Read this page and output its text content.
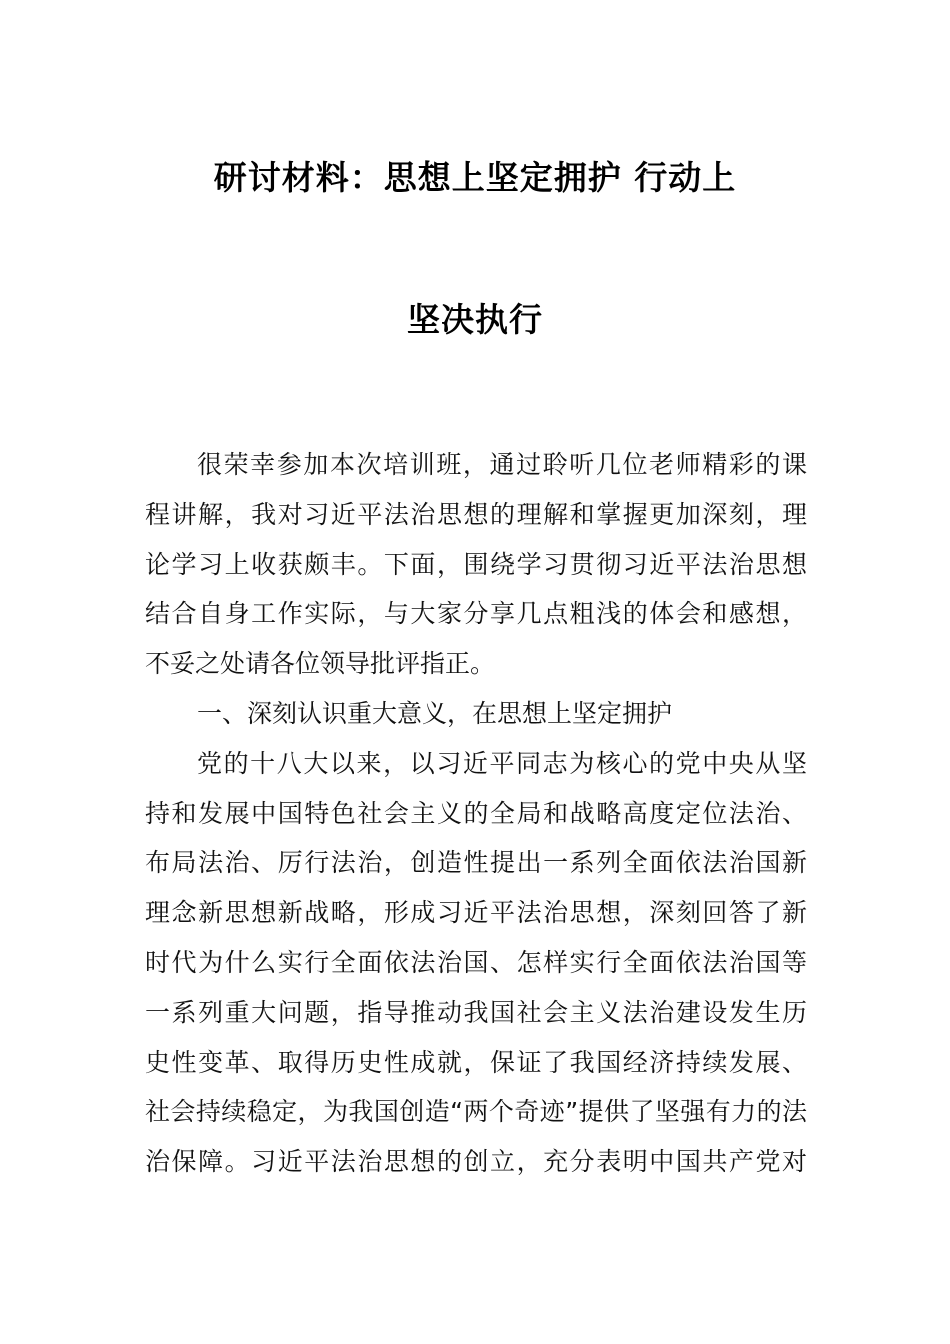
研讨材料：思想上坚定拥护 行动上
坚决执行
很荣幸参加本次培训班，通过聆听几位老师精彩的课
程讲解，我对习近平法治思想的理解和掌握更加深刻，理
论学习上收获颇丰。下面，围绕学习贯彻习近平法治思想
结合自身工作实际，与大家分享几点粗浅的体会和感想，
不妥之处请各位领导批评指正。
一、深刻认识重大意义，在思想上坚定拥护
党的十八大以来，以习近平同志为核心的党中央从坚
持和发展中国特色社会主义的全局和战略高度定位法治、
布局法治、厉行法治，创造性提出一系列全面依法治国新
理念新思想新战略，形成习近平法治思想，深刻回答了新
时代为什么实行全面依法治国、怎样实行全面依法治国等
一系列重大问题，指导推动我国社会主义法治建设发生历
史性变革、取得历史性成就，保证了我国经济持续发展、
社会持续稳定，为我国创造“两个奇迹”提供了坚强有力的法
治保障。习近平法治思想的创立，充分表明中国共产党对
